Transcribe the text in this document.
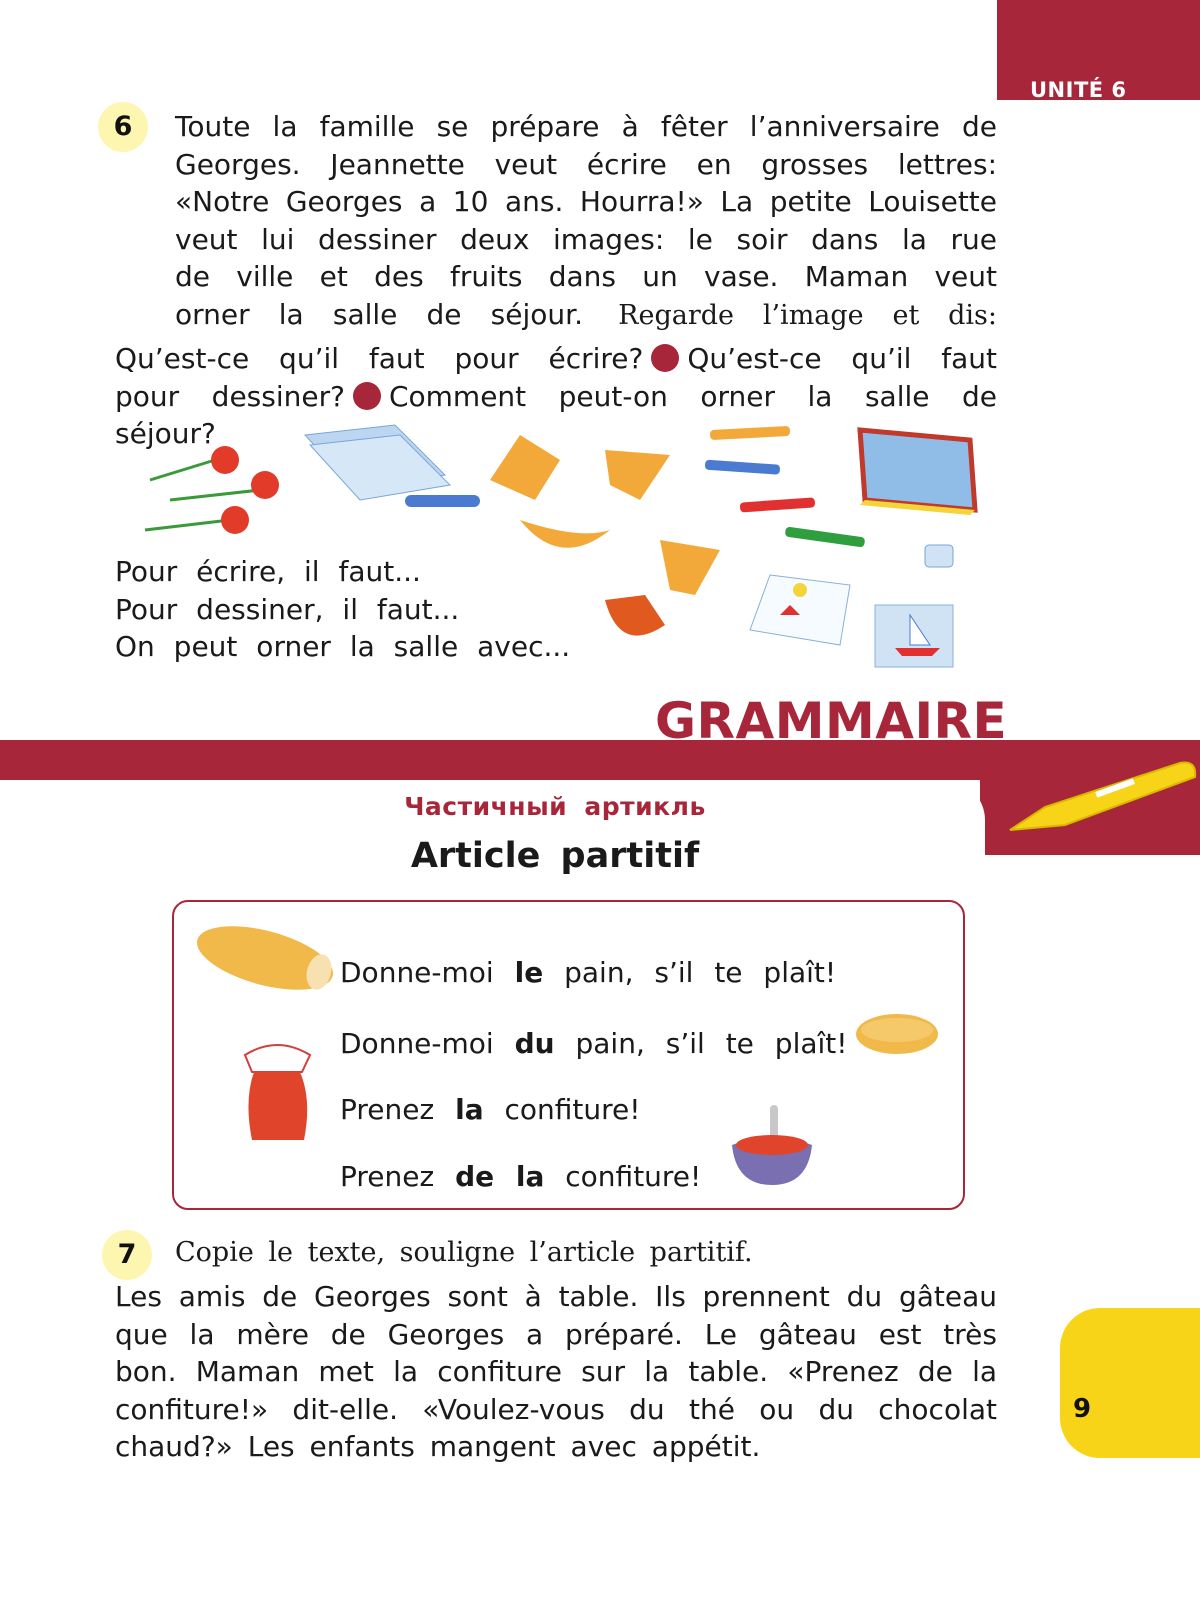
UNITÉ 6
6	Toute la famille se prépare à fêter l’anniversaire de
Georges. Jeannette veut écrire en grosses lettres:
«Notre Georges a 10 ans. Hourra!» La petite Louisette
veut lui dessiner deux images: le soir dans la rue
de ville et des fruits dans un vase. Maman veut
orner la salle de séjour. Regarde l’image et dis:
Qu’est-ce qu’il faut pour écrire? Qu’est-ce qu’il faut
pour dessiner? Comment peut-on orner la salle de
séjour?
Pour écrire, il faut...
Pour dessiner, il faut...
On peut orner la salle avec...
GRAMMAIRE
Частичный артикль
Article partitif
Donne-moi le pain, s’il te plaît!
Donne-moi du pain, s’il te plaît!
Prenez la confiture!
Prenez de la confiture!
7	Copie le texte, souligne l’article partitif.
Les amis de Georges sont à table. Ils prennent du gâteau
que la mère de Georges a préparé. Le gâteau est très
bon. Maman met la confiture sur la table. «Prenez de la
confiture!» dit-elle. «Voulez-vous du thé ou du chocolat
chaud?» Les enfants mangent avec appétit.
9
